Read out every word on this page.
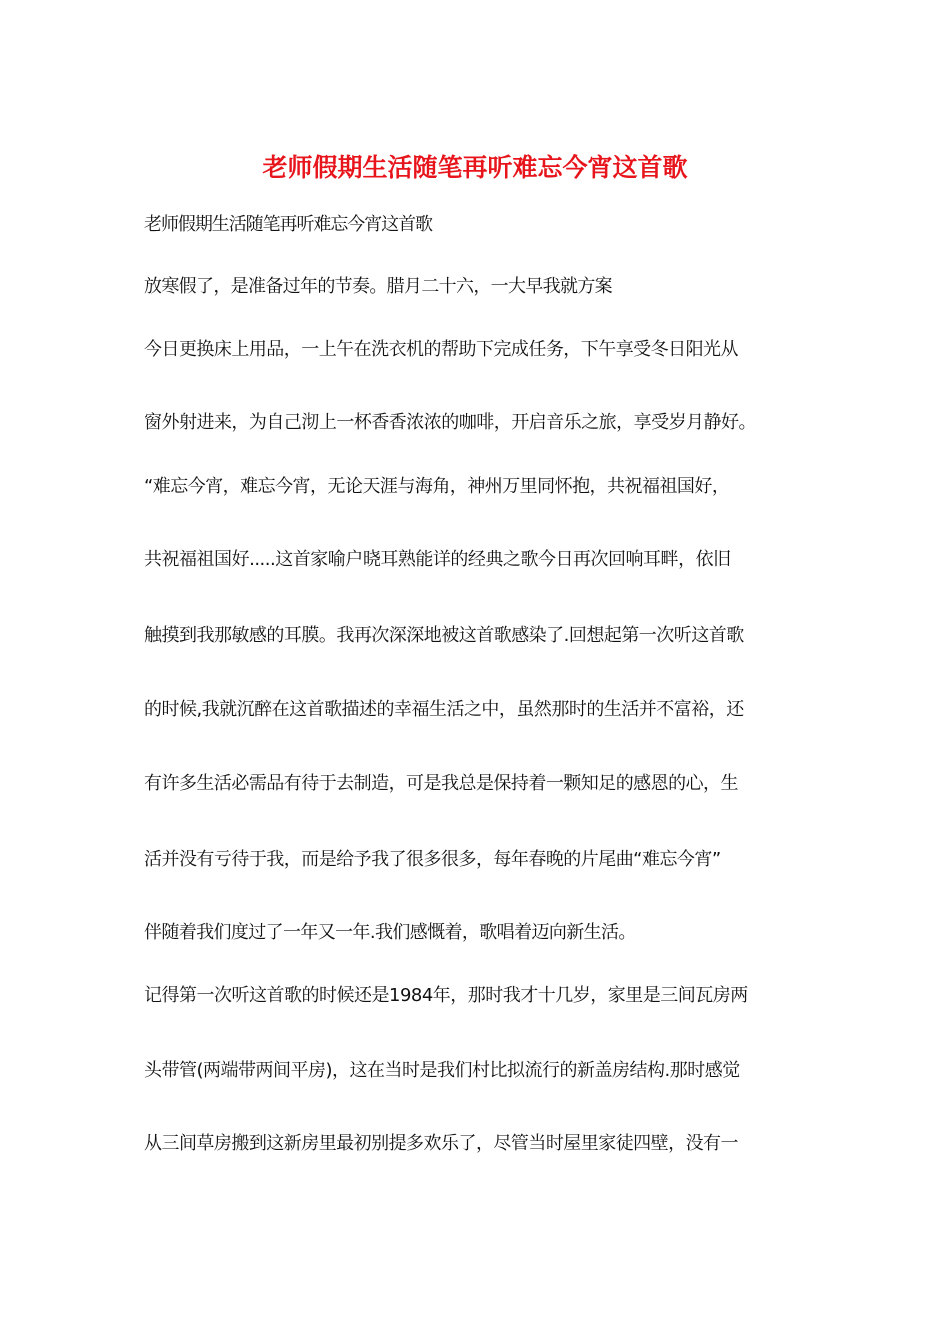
老师假期生活随笔再听难忘今宵这首歌
老师假期生活随笔再听难忘今宵这首歌
放寒假了，是准备过年的节奏。腊月二十六，一大早我就方案
今日更换床上用品，一上午在洗衣机的帮助下完成任务，下午享受冬日阳光从
窗外射进来，为自己沏上一杯香香浓浓的咖啡，开启音乐之旅，享受岁月静好。
“难忘今宵，难忘今宵，无论天涯与海角，神州万里同怀抱，共祝福祖国好，
共祝福祖国好.....这首家喻户晓耳熟能详的经典之歌今日再次回响耳畔，依旧
触摸到我那敏感的耳膜。我再次深深地被这首歌感染了.回想起第一次听这首歌
的时候,我就沉醉在这首歌描述的幸福生活之中，虽然那时的生活并不富裕，还
有许多生活必需品有待于去制造，可是我总是保持着一颗知足的感恩的心，生
活并没有亏待于我，而是给予我了很多很多，每年春晚的片尾曲“难忘今宵”
伴随着我们度过了一年又一年.我们感慨着，歌唱着迈向新生活。
记得第一次听这首歌的时候还是1984年，那时我才十几岁，家里是三间瓦房两
头带管(两端带两间平房)，这在当时是我们村比拟流行的新盖房结构.那时感觉
从三间草房搬到这新房里最初别提多欢乐了，尽管当时屋里家徒四壁，没有一
